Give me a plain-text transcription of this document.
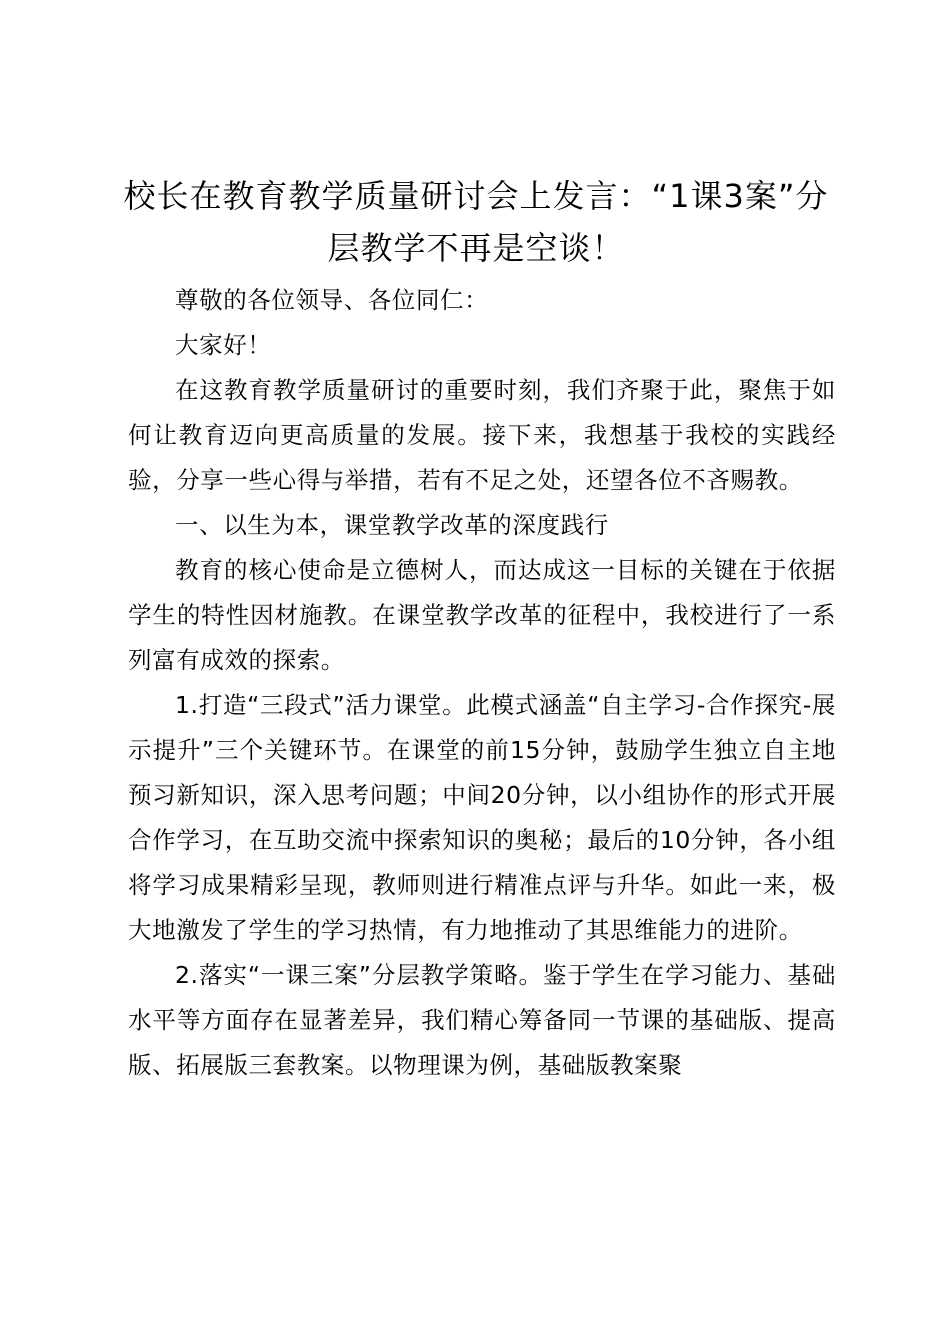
校长在教育教学质量研讨会上发言：“1课3案”分层教学不再是空谈！

尊敬的各位领导、各位同仁：

大家好！

在这教育教学质量研讨的重要时刻，我们齐聚于此，聚焦于如何让教育迈向更高质量的发展。接下来，我想基于我校的实践经验，分享一些心得与举措，若有不足之处，还望各位不吝赐教。

一、以生为本，课堂教学改革的深度践行

教育的核心使命是立德树人，而达成这一目标的关键在于依据学生的特性因材施教。在课堂教学改革的征程中，我校进行了一系列富有成效的探索。

1.打造“三段式”活力课堂。此模式涵盖“自主学习-合作探究-展示提升”三个关键环节。在课堂的前15分钟，鼓励学生独立自主地预习新知识，深入思考问题；中间20分钟，以小组协作的形式开展合作学习，在互助交流中探索知识的奥秘；最后的10分钟，各小组将学习成果精彩呈现，教师则进行精准点评与升华。如此一来，极大地激发了学生的学习热情，有力地推动了其思维能力的进阶。

2.落实“一课三案”分层教学策略。鉴于学生在学习能力、基础水平等方面存在显著差异，我们精心筹备同一节课的基础版、提高版、拓展版三套教案。以物理课为例，基础版教案聚
